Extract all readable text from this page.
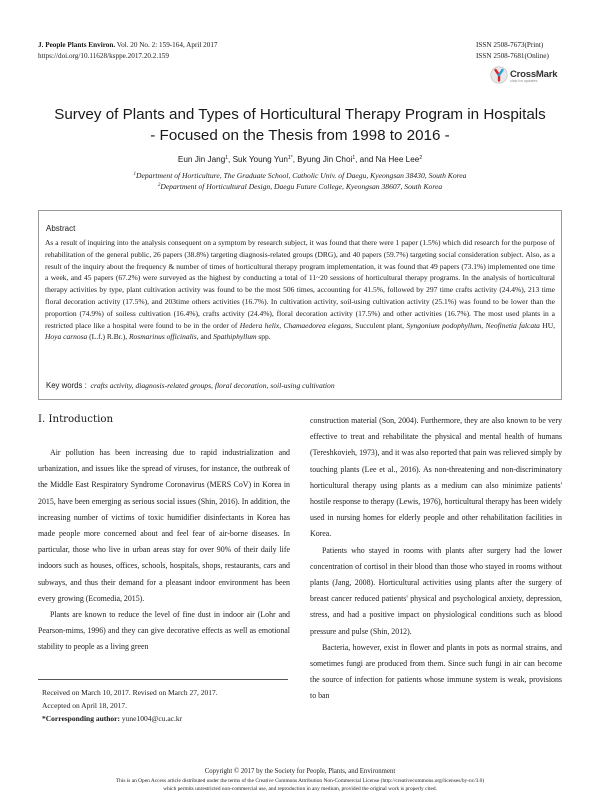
J. People Plants Environ. Vol. 20 No. 2: 159-164, April 2017
https://doi.org/10.11628/ksppe.2017.20.2.159
ISSN 2508-7673(Print)
ISSN 2508-7681(Online)
CrossMark
click for updates
Survey of Plants and Types of Horticultural Therapy Program in Hospitals
- Focused on the Thesis from 1998 to 2016 -
Eun Jin Jang$^1$, Suk Young Yun$^{1*}$, Byung Jin Choi$^1$, and Na Hee Lee$^2$
$^1$Department of Horticulture, The Graduate School, Catholic Univ. of Daegu, Kyeongsan 38430, South Korea
$^2$Department of Horticultural Design, Daegu Future College, Kyeongsan 38607, South Korea
Abstract
As a result of inquiring into the analysis consequent on a symptom by research subject, it was found that there were 1 paper (1.5%) which did research for the purpose of rehabilitation of the general public, 26 papers (38.8%) targeting diagnosis-related groups (DRG), and 40 papers (59.7%) targeting social consideration subject. Also, as a result of the inquiry about the frequency & number of times of horticultural therapy program implementation, it was found that 49 papers (73.1%) implemented one time a week, and 45 papers (67.2%) were surveyed as the highest by conducting a total of 11~20 sessions of horticultural therapy programs. In the analysis of horticultural therapy activities by type, plant cultivation activity was found to be the most 506 times, accounting for 41.5%, followed by 297 time crafts activity (24.4%), 213 time floral decoration activity (17.5%), and 203time others activities (16.7%). In cultivation activity, soil-using cultivation activity (25.1%) was found to be lower than the proportion (74.9%) of soiless cultivation (16.4%), crafts activity (24.4%), floral decoration activity (17.5%) and other activities (16.7%). The most used plants in a restricted place like a hospital were found to be in the order of Hedera helix, Chamaedorea elegans, Succulent plant, Syngonium podophyllum, Neofinetia falcata HU, Hoya carnosa (L.f.) R.Br.), Rosmarinus officinalis, and Spathiphyllum spp.
Key words : crafts activity, diagnosis-related groups, floral decoration, soil-using cultivation
Ⅰ. Introduction

Air pollution has been increasing due to rapid industrialization and urbanization, and issues like the spread of viruses, for instance, the outbreak of the Middle East Respiratory Syndrome Coronavirus (MERS CoV) in Korea in 2015, have been emerging as serious social issues (Shin, 2016). In addition, the increasing number of victims of toxic humidifier disinfectants in Korea has made people more concerned about and feel fear of air-borne diseases. In particular, those who live in urban areas stay for over 90% of their daily life indoors such as houses, offices, schools, hospitals, shops, restaurants, cars and subways, and thus their demand for a pleasant indoor environment has been every growing (Ecomedia, 2015).

Plants are known to reduce the level of fine dust in indoor air (Lohr and Pearson-mims, 1996) and they can give decorative effects as well as emotional stability to people as a living green

construction material (Son, 2004). Furthermore, they are also known to be very effective to treat and rehabilitate the physical and mental health of humans (Tereshkovieh, 1973), and it was also reported that pain was relieved simply by touching plants (Lee et al., 2016). As non-threatening and non-discriminatory horticultural therapy using plants as a medium can also minimize patients' hostile response to therapy (Lewis, 1976), horticultural therapy has been widely used in nursing homes for elderly people and other rehabilitation facilities in Korea.

Patients who stayed in rooms with plants after surgery had the lower concentration of cortisol in their blood than those who stayed in rooms without plants (Jang, 2008). Horticultural activities using plants after the surgery of breast cancer reduced patients' physical and psychological anxiety, depression, stress, and had a positive impact on physiological conditions such as blood pressure and pulse (Shin, 2012).

Bacteria, however, exist in flower and plants in pots as normal strains, and sometimes fungi are produced from them. Since such fungi in air can become the source of infection for patients whose immune system is weak, provisions to ban

Received on March 10, 2017. Revised on March 27, 2017.
Accepted on April 18, 2017.
*Corresponding author: yune1004@cu.ac.kr
Copyright © 2017 by the Society for People, Plants, and Environment
This is an Open Access article distributed under the terms of the Creative Commons Attribution Non-Commercial License (http://creativecommons.org/licenses/by-nc/3.0)
which permits unrestricted non-commercial use, and reproduction in any medium, provided the original work is properly cited.
